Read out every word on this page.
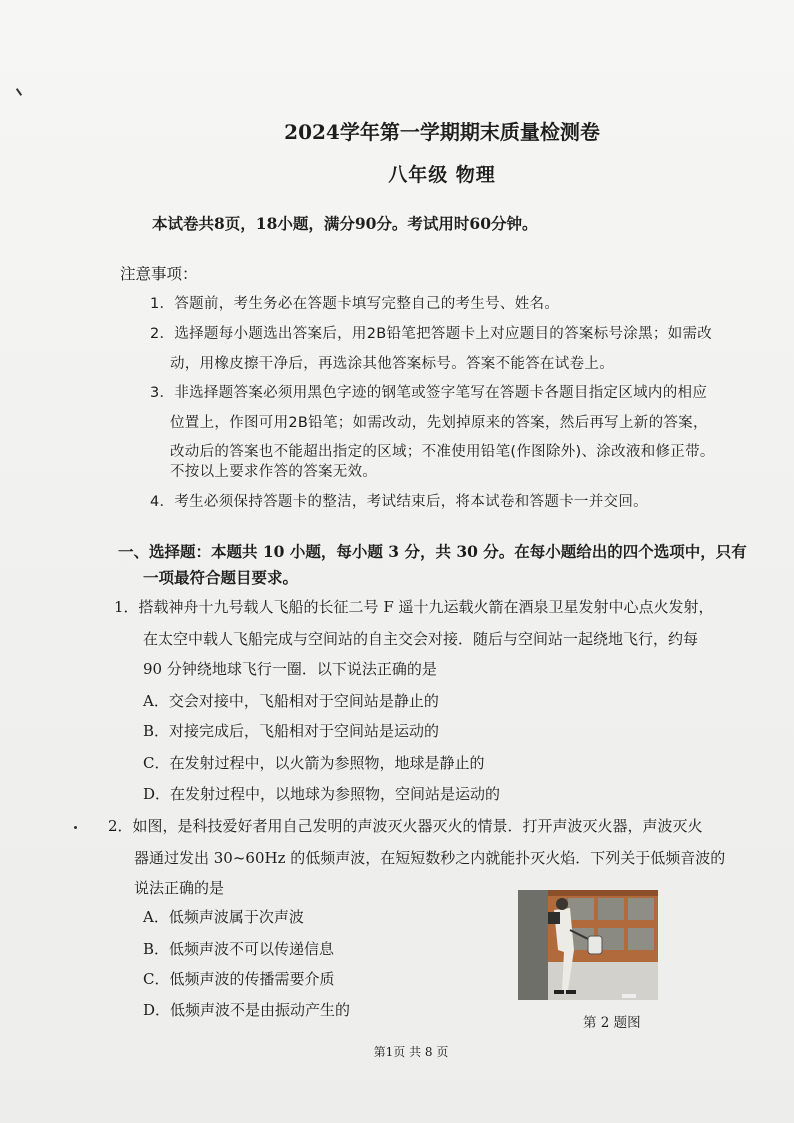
2024学年第一学期期末质量检测卷
八年级 物理
本试卷共8页，18小题，满分90分。考试用时60分钟。
注意事项：
1．答题前，考生务必在答题卡填写完整自己的考生号、姓名。
2．选择题每小题选出答案后，用2B铅笔把答题卡上对应题目的答案标号涂黑；如需改
动，用橡皮擦干净后，再选涂其他答案标号。答案不能答在试卷上。
3．非选择题答案必须用黑色字迹的钢笔或签字笔写在答题卡各题目指定区域内的相应
位置上，作图可用2B铅笔；如需改动，先划掉原来的答案，然后再写上新的答案，
改动后的答案也不能超出指定的区域；不准使用铅笔(作图除外)、涂改液和修正带。
不按以上要求作答的答案无效。
4．考生必须保持答题卡的整洁，考试结束后，将本试卷和答题卡一并交回。
一、选择题：本题共 10 小题，每小题 3 分，共 30 分。在每小题给出的四个选项中，只有
一项最符合题目要求。
1．搭载神舟十九号载人飞船的长征二号 F 遥十九运载火箭在酒泉卫星发射中心点火发射，
在太空中载人飞船完成与空间站的自主交会对接．随后与空间站一起绕地飞行，约每
90 分钟绕地球飞行一圈．以下说法正确的是
A．交会对接中，飞船相对于空间站是静止的
B．对接完成后，飞船相对于空间站是运动的
C．在发射过程中，以火箭为参照物，地球是静止的
D．在发射过程中，以地球为参照物，空间站是运动的
2．如图，是科技爱好者用自己发明的声波灭火器灭火的情景．打开声波灭火器，声波灭火
器通过发出 30~60Hz 的低频声波，在短短数秒之内就能扑灭火焰．下列关于低频音波的
说法正确的是
A．低频声波属于次声波
B．低频声波不可以传递信息
C．低频声波的传播需要介质
D．低频声波不是由振动产生的
第 2 题图
第1页 共 8 页
